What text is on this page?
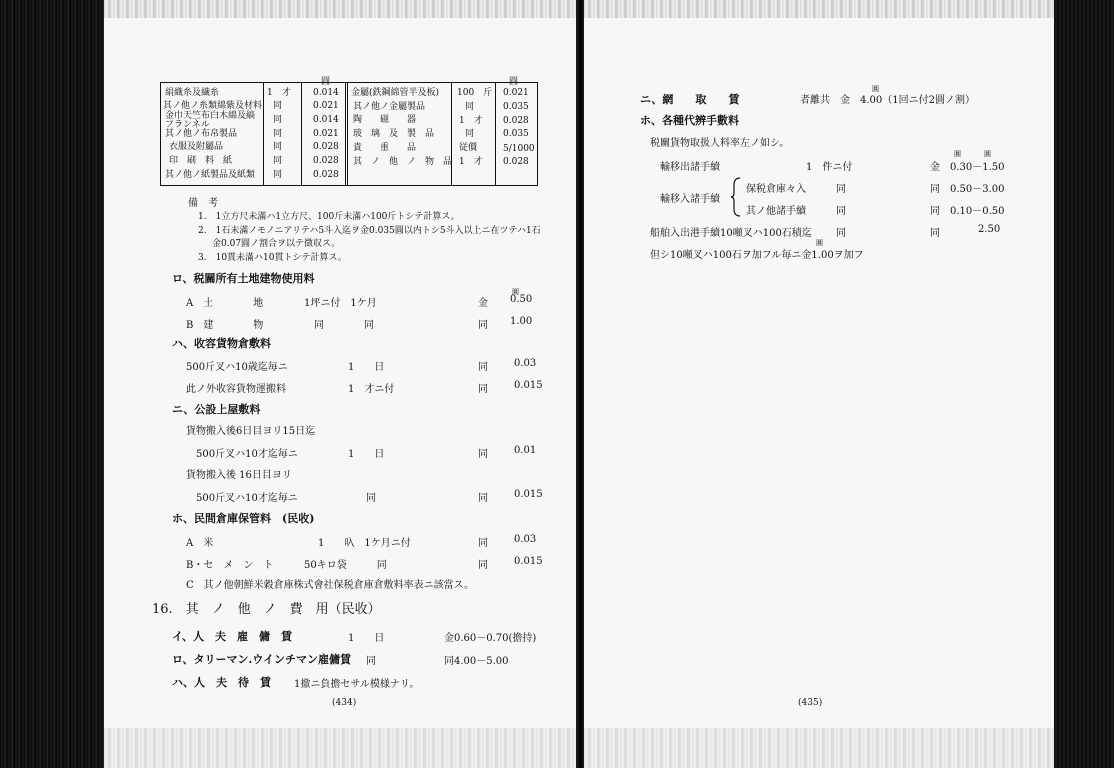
圓	圓
絹織糸及繊糸	1　才 0.014
其ノ他ノ糸類綿紫及材料 同	0.021
金巾天竺布白木綿及縞フランネル	同	0.014
其ノ他ノ布帛製品	同	0.021
衣服及附屬品	同	0.028
印　刷　料　紙	同	0.028
其ノ他ノ紙製品及紙類 同	0.028
金屬(鉄鋼綿管半及板) 100　斤 0.021
其ノ他ノ金屬製品	同	0.035
陶　　磁　　器	1　才 0.028
玻　璃　及　製　品	同	0.035
貴　　重　　品	従價	5/1000
其　ノ　他　ノ　物　品 1　才 0.028
備　考
1.　1立方尺未滿ハ1立方尺、100斤未滿ハ100斤トシテ計算ス。
2.　1石未滿ノモノニアリテハ5斗入迄ヲ金0.035圓以内トシ5斗入以上ニ在ツテハ1石
金0.07圓ノ割合ヲ以テ徴収ス。
3.　10貫未滿ハ10貫トシテ計算ス。
ロ、税關所有土地建物使用料
圓
A　土　　　　地	1坪ニ付　1ケ月	金 0.50
B　建　　　　物	同　　　　同	同 1.00
ハ、收容貨物倉敷料
500斤叉ハ10歳迄毎ニ	1　　日	同	0.03
此ノ外收容貨物運搬料	1　才ニ付	同	0.015
ニ、公設上屋敷料
貨物搬入後6日目ヨリ15日迄
500斤叉ハ10才迄毎ニ	1　　日	同	0.01
貨物搬入後 16日目ヨリ
500斤叉ハ10才迄毎ニ	同	同	0.015
ホ、民間倉庫保管料　(民收)
A　米	1　　叺　1ケ月ニ付	同	0.03
B・セ　メ　ン　ト	50キロ袋　　　同	同	0.015
C　其ノ他朝鮮米穀倉庫株式會社保税倉庫倉敷料率表ニ該當ス。
16.　其　ノ　他　ノ　費　用（民收）
イ、人　夫　雇　傭　賃	1　　日	金0.60－0.70(擔持)
ロ、タリーマン.ウインチマン雇傭賃 同	同4.00－5.00
ハ、人　夫　待　賃 1撤ニ負擔セサル模様ナリ。
(434)
ニ、網　　取　　賃
圓
者離共　金　4.00（1回ニ付2圓ノ割）
ホ、各種代辨手數料
税關貨物取扱人料率左ノ如シ。
圓	圓
輸移出諸手續	1　件ニ付	金 0.30－1.50
輸移入諸手續
保税倉庫々入	同	同 0.50－3.00
其ノ他諸手續	同	同 0.10－0.50
船舶入出港手續10噸叉ハ100石積迄 同	同	2.50
圓
但シ10噸叉ハ100石ヲ加フル毎ニ金1.00ヲ加フ
(435)
